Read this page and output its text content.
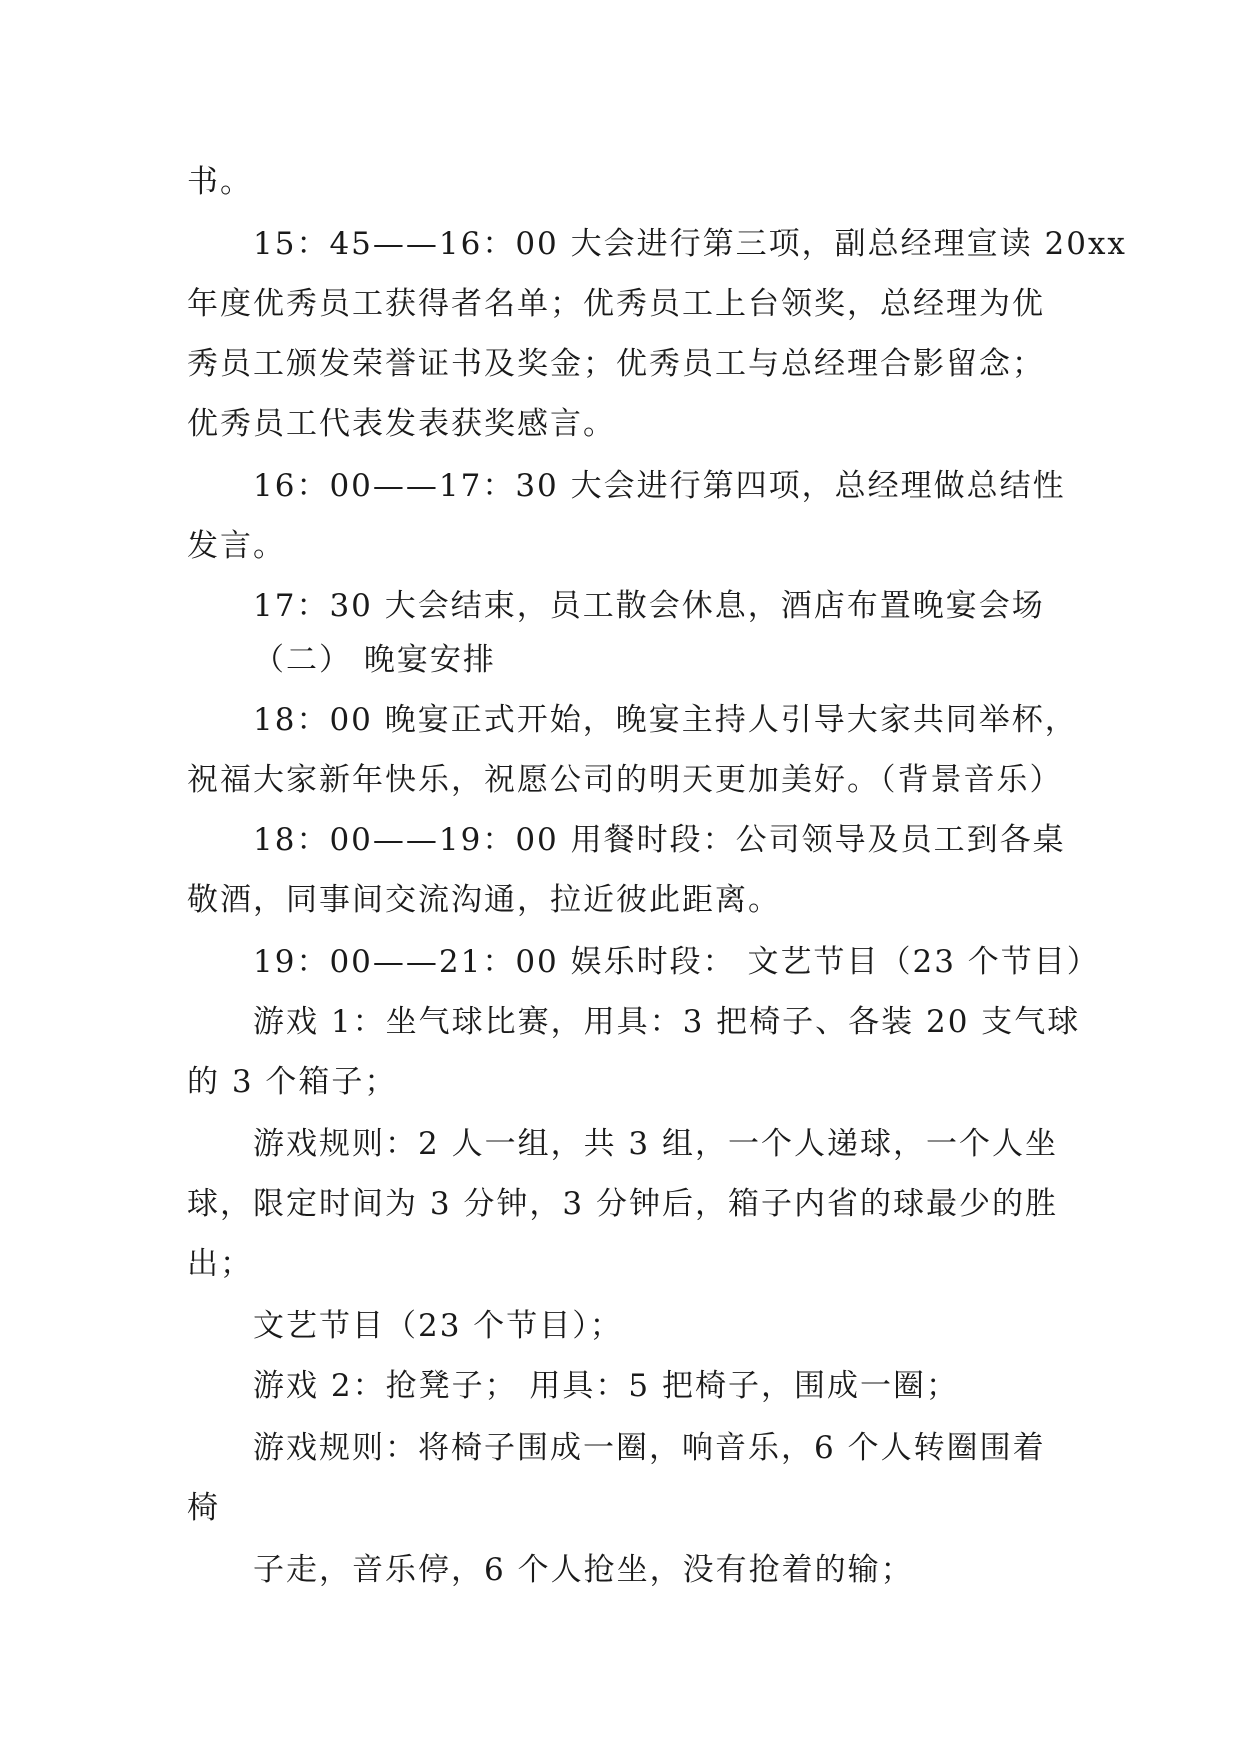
书。
15：45——16：00 大会进行第三项，副总经理宣读 20xx
年度优秀员工获得者名单；优秀员工上台领奖，总经理为优
秀员工颁发荣誉证书及奖金；优秀员工与总经理合影留念；
优秀员工代表发表获奖感言。
16：00——17：30 大会进行第四项，总经理做总结性
发言。
17：30 大会结束，员工散会休息，酒店布置晚宴会场
（二） 晚宴安排
18：00 晚宴正式开始，晚宴主持人引导大家共同举杯，
祝福大家新年快乐，祝愿公司的明天更加美好。（背景音乐）
18：00——19：00 用餐时段：公司领导及员工到各桌
敬酒，同事间交流沟通，拉近彼此距离。
19：00——21：00 娱乐时段： 文艺节目（23 个节目）
游戏 1：坐气球比赛，用具：3 把椅子、各装 20 支气球
的 3 个箱子；
游戏规则：2 人一组，共 3 组，一个人递球，一个人坐
球，限定时间为 3 分钟，3 分钟后，箱子内省的球最少的胜
出；
文艺节目（23 个节目）；
游戏 2：抢凳子； 用具：5 把椅子，围成一圈；
游戏规则：将椅子围成一圈，响音乐，6 个人转圈围着
椅
子走，音乐停，6 个人抢坐，没有抢着的输；
